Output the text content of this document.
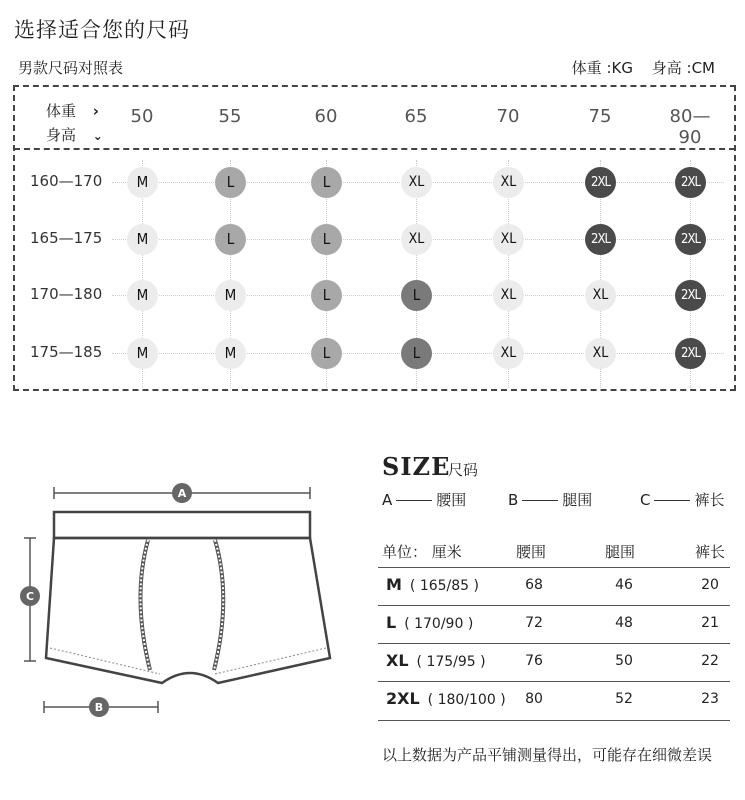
选择适合您的尺码
男款尺码对照表	体重 :KG 身高 :CM
体重 ›
身高 ⌄
50	55	60	65	70	75	80—90
160—170	M	L	L	XL	XL	2XL	2XL
165—175	M	L	L	XL	XL	2XL	2XL
170—180	M	M	L	L	XL	XL	2XL
175—185	M	M	L	L	XL	XL	2XL
A
C
B
SIZE
尺码
A	腰围	B	腿围	C	裤长
单位： 厘米	腰围	腿围	裤长
M ( 165/85 )	68	46	20
L ( 170/90 )	72	48	21
XL ( 175/95 )	76	50	22
2XL ( 180/100 )	80	52	23
以上数据为产品平铺测量得出，可能存在细微差误
